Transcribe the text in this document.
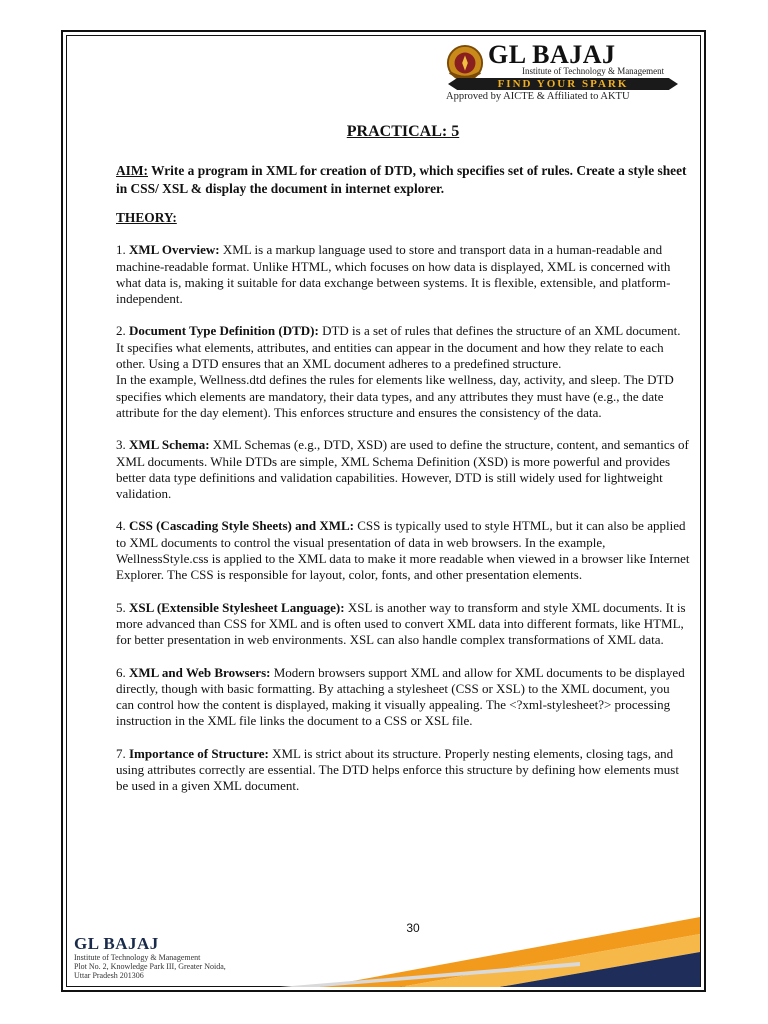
GL BAJAJ
Institute of Technology & Management
FIND YOUR SPARK
Approved by AICTE & Affiliated to AKTU
PRACTICAL: 5
AIM: Write a program in XML for creation of DTD, which specifies set of rules. Create a style sheet in CSS/ XSL & display the document in internet explorer.
THEORY:

1. XML Overview: XML is a markup language used to store and transport data in a human-readable and machine-readable format. Unlike HTML, which focuses on how data is displayed, XML is concerned with what data is, making it suitable for data exchange between systems. It is flexible, extensible, and platform-independent.

2. Document Type Definition (DTD): DTD is a set of rules that defines the structure of an XML document. It specifies what elements, attributes, and entities can appear in the document and how they relate to each other. Using a DTD ensures that an XML document adheres to a predefined structure.

In the example, Wellness.dtd defines the rules for elements like wellness, day, activity, and sleep. The DTD specifies which elements are mandatory, their data types, and any attributes they must have (e.g., the date attribute for the day element). This enforces structure and ensures the consistency of the data.

3. XML Schema: XML Schemas (e.g., DTD, XSD) are used to define the structure, content, and semantics of XML documents. While DTDs are simple, XML Schema Definition (XSD) is more powerful and provides better data type definitions and validation capabilities. However, DTD is still widely used for lightweight validation.

4. CSS (Cascading Style Sheets) and XML: CSS is typically used to style HTML, but it can also be applied to XML documents to control the visual presentation of data in web browsers. In the example, WellnessStyle.css is applied to the XML data to make it more readable when viewed in a browser like Internet Explorer. The CSS is responsible for layout, color, fonts, and other presentation elements.

5. XSL (Extensible Stylesheet Language): XSL is another way to transform and style XML documents. It is more advanced than CSS for XML and is often used to convert XML data into different formats, like HTML, for better presentation in web environments. XSL can also handle complex transformations of XML data.

6. XML and Web Browsers: Modern browsers support XML and allow for XML documents to be displayed directly, though with basic formatting. By attaching a stylesheet (CSS or XSL) to the XML document, you can control how the content is displayed, making it visually appealing. The <?xml-stylesheet?> processing instruction in the XML file links the document to a CSS or XSL file.

7. Importance of Structure: XML is strict about its structure. Properly nesting elements, closing tags, and using attributes correctly are essential. The DTD helps enforce this structure by defining how elements must be used in a given XML document.

30
GL BAJAJ
Institute of Technology & Management
Plot No. 2, Knowledge Park III, Greater Noida,
Uttar Pradesh 201306
